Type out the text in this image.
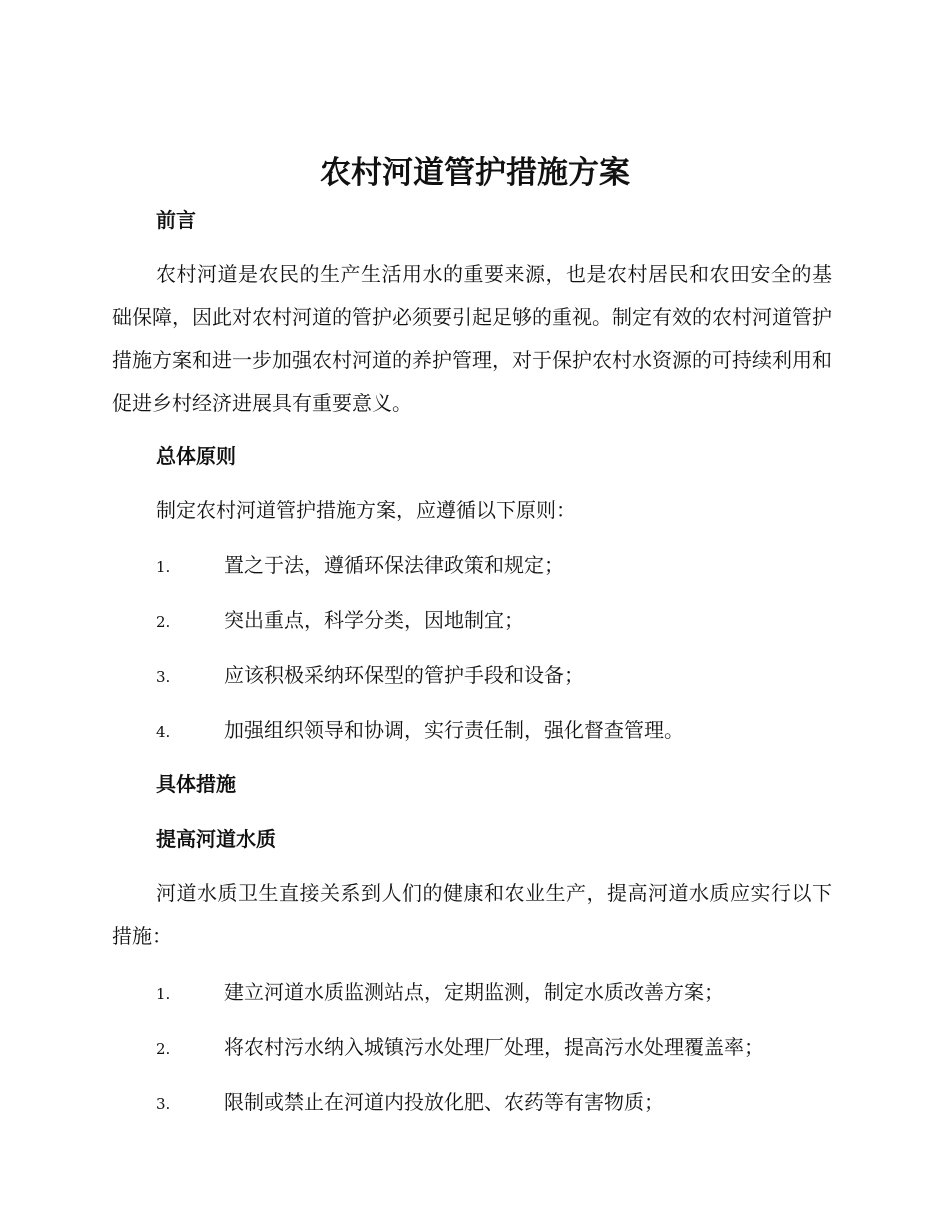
农村河道管护措施方案
前言

农村河道是农民的生产生活用水的重要来源，也是农村居民和农田安全的基础保障，因此对农村河道的管护必须要引起足够的重视。制定有效的农村河道管护措施方案和进一步加强农村河道的养护管理，对于保护农村水资源的可持续利用和促进乡村经济进展具有重要意义。

总体原则
制定农村河道管护措施方案，应遵循以下原则：
1.	置之于法，遵循环保法律政策和规定；
2.	突出重点，科学分类，因地制宜；
3.	应该积极采纳环保型的管护手段和设备；
4.	加强组织领导和协调，实行责任制，强化督查管理。
具体措施
提高河道水质

河道水质卫生直接关系到人们的健康和农业生产，提高河道水质应实行以下措施：

1.	建立河道水质监测站点，定期监测，制定水质改善方案；
2.	将农村污水纳入城镇污水处理厂处理，提高污水处理覆盖率；
3.	限制或禁止在河道内投放化肥、农药等有害物质；
